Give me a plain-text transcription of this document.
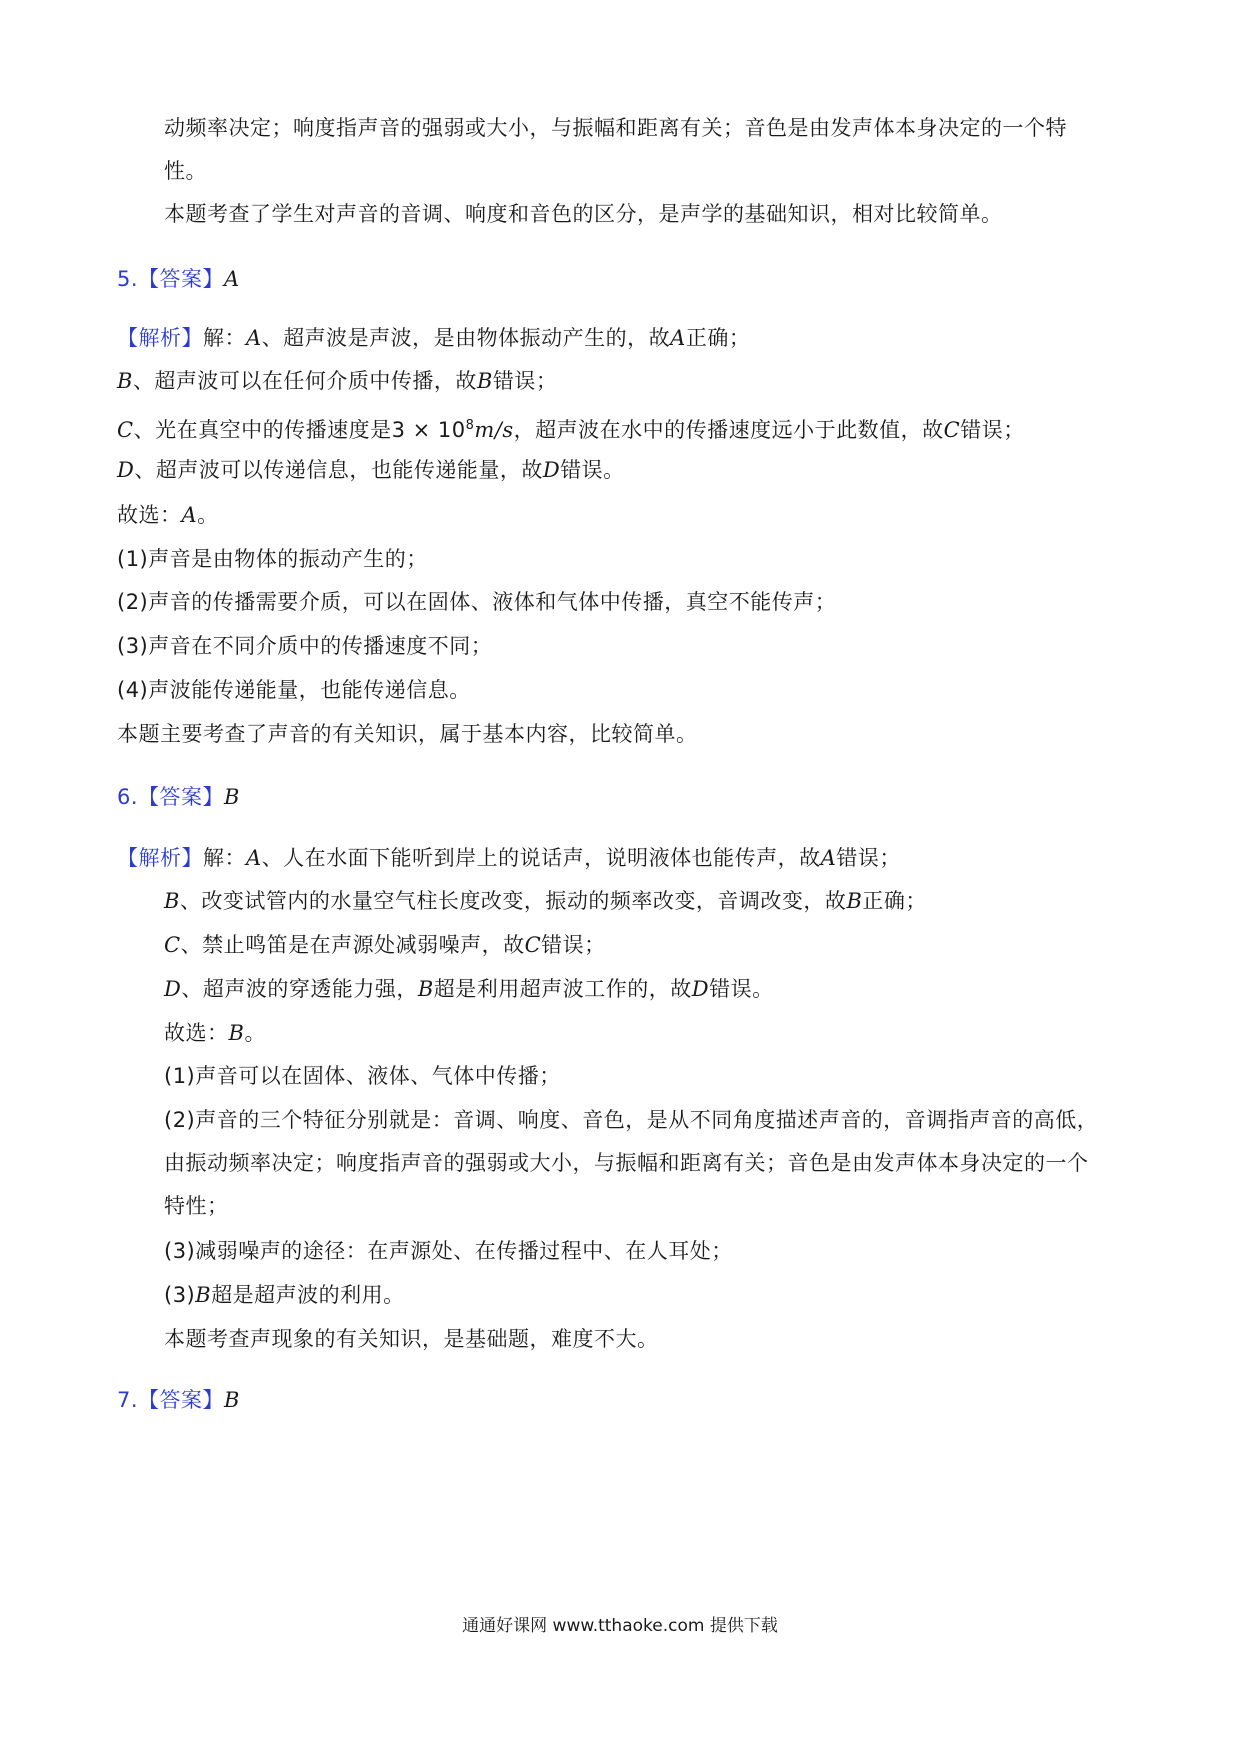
动频率决定；响度指声音的强弱或大小，与振幅和距离有关；音色是由发声体本身决定的一个特
性。
本题考查了学生对声音的音调、响度和音色的区分，是声学的基础知识，相对比较简单。
5.【答案】A
【解析】解：A、超声波是声波，是由物体振动产生的，故A正确；
B、超声波可以在任何介质中传播，故B错误；
C、光在真空中的传播速度是$3 \times 10^8m/s$，超声波在水中的传播速度远小于此数值，故C错误；
D、超声波可以传递信息，也能传递能量，故D错误。
故选：A。
(1)声音是由物体的振动产生的；
(2)声音的传播需要介质，可以在固体、液体和气体中传播，真空不能传声；
(3)声音在不同介质中的传播速度不同；
(4)声波能传递能量，也能传递信息。
本题主要考查了声音的有关知识，属于基本内容，比较简单。
6.【答案】B
【解析】解：A、人在水面下能听到岸上的说话声，说明液体也能传声，故A错误；
B、改变试管内的水量空气柱长度改变，振动的频率改变，音调改变，故B正确；
C、禁止鸣笛是在声源处减弱噪声，故C错误；
D、超声波的穿透能力强，B超是利用超声波工作的，故D错误。
故选：B。
(1)声音可以在固体、液体、气体中传播；
(2)声音的三个特征分别就是：音调、响度、音色，是从不同角度描述声音的，音调指声音的高低，
由振动频率决定；响度指声音的强弱或大小，与振幅和距离有关；音色是由发声体本身决定的一个
特性；
(3)减弱噪声的途径：在声源处、在传播过程中、在人耳处；
(3)B超是超声波的利用。
本题考查声现象的有关知识，是基础题，难度不大。
7.【答案】B
通通好课网 www.tthaoke.com 提供下载
